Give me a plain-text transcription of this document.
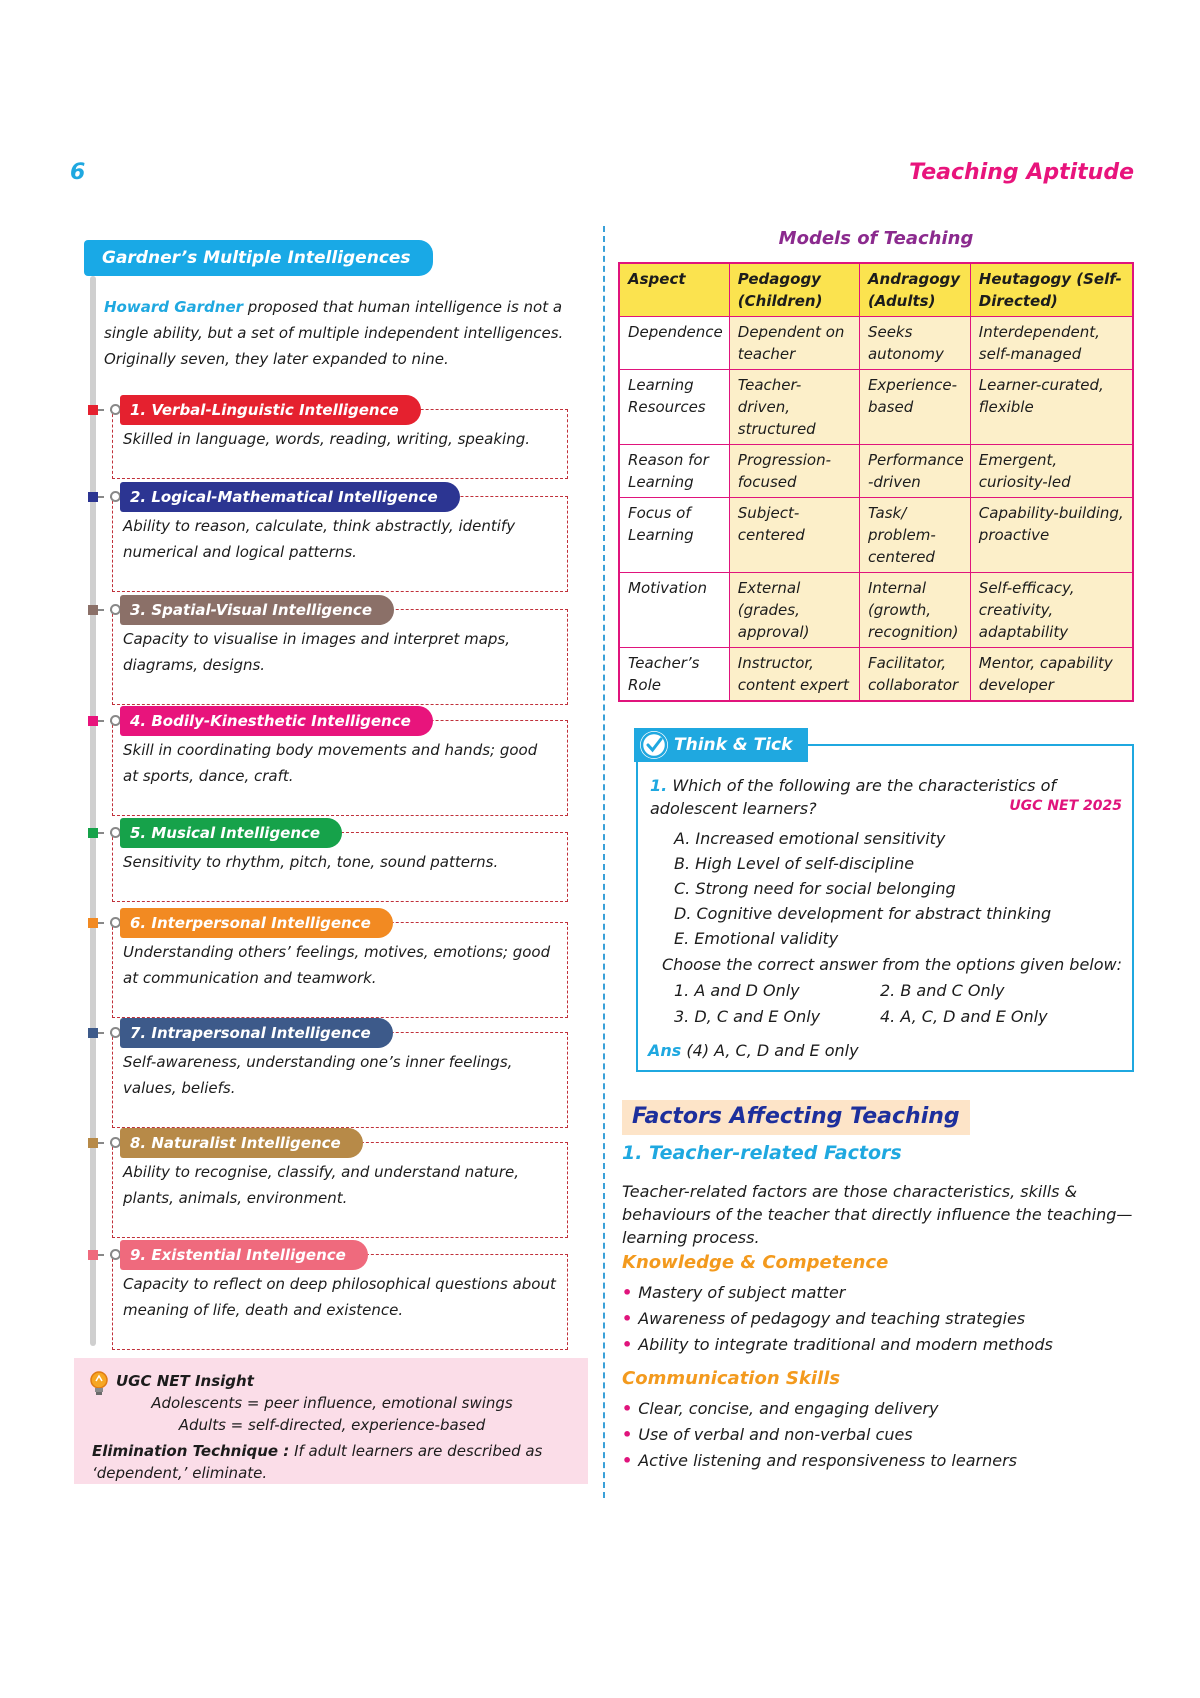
6	Teaching Aptitude
Gardner’s Multiple Intelligences

Howard Gardner proposed that human intelligence is not a single ability, but a set of multiple independent intelligences. Originally seven, they later expanded to nine.

Skilled in language, words, reading, writing, speaking.
1. Verbal-Linguistic Intelligence
Ability to reason, calculate, think abstractly, identify numerical and logical patterns.
2. Logical-Mathematical Intelligence
Capacity to visualise in images and interpret maps, diagrams, designs.
3. Spatial-Visual Intelligence
Skill in coordinating body movements and hands; good at sports, dance, craft.
4. Bodily-Kinesthetic Intelligence
Sensitivity to rhythm, pitch, tone, sound patterns.
5. Musical Intelligence
Understanding others’ feelings, motives, emotions; good at communication and teamwork.
6. Interpersonal Intelligence
Self-awareness, understanding one’s inner feelings, values, beliefs.
7. Intrapersonal Intelligence
Ability to recognise, classify, and understand nature, plants, animals, environment.
8. Naturalist Intelligence
Capacity to reflect on deep philosophical questions about meaning of life, death and existence.
9. Existential Intelligence
UGC NET Insight
Adolescents = peer influence, emotional swings
Adults = self-directed, experience-based
Elimination Technique : If adult learners are described as ‘dependent,’ eliminate.
Models of Teaching
Aspect	Pedagogy (Children)	Andragogy (Adults)	Heutagogy (Self-Directed)
Dependence	Dependent on teacher	Seeks autonomy	Interdependent, self-managed
Learning Resources	Teacher-driven, structured	Experience-based	Learner-curated, flexible
Reason for Learning	Progression-focused	Performance -driven	Emergent, curiosity-led
Focus of Learning	Subject-centered	Task/ problem-centered	Capability-building, proactive
Motivation	External (grades, approval)	Internal (growth, recognition)	Self-efficacy, creativity, adaptability
Teacher’s Role	Instructor, content expert	Facilitator, collaborator	Mentor, capability developer
Think & Tick
1. Which of the following are the characteristics of adolescent learners?	UGC NET 2025
A. Increased emotional sensitivity
B. High Level of self-discipline
C. Strong need for social belonging
D. Cognitive development for abstract thinking
E. Emotional validity
Choose the correct answer from the options given below:
1. A and D Only	2. B and C Only
3. D, C and E Only	4. A, C, D and E Only
Ans (4) A, C, D and E only
Factors Affecting Teaching
1. Teacher-related Factors

Teacher-related factors are those characteristics, skills & behaviours of the teacher that directly influence the teaching—learning process.

Knowledge & Competence
• Mastery of subject matter
• Awareness of pedagogy and teaching strategies
• Ability to integrate traditional and modern methods
Communication Skills
• Clear, concise, and engaging delivery
• Use of verbal and non-verbal cues
• Active listening and responsiveness to learners
